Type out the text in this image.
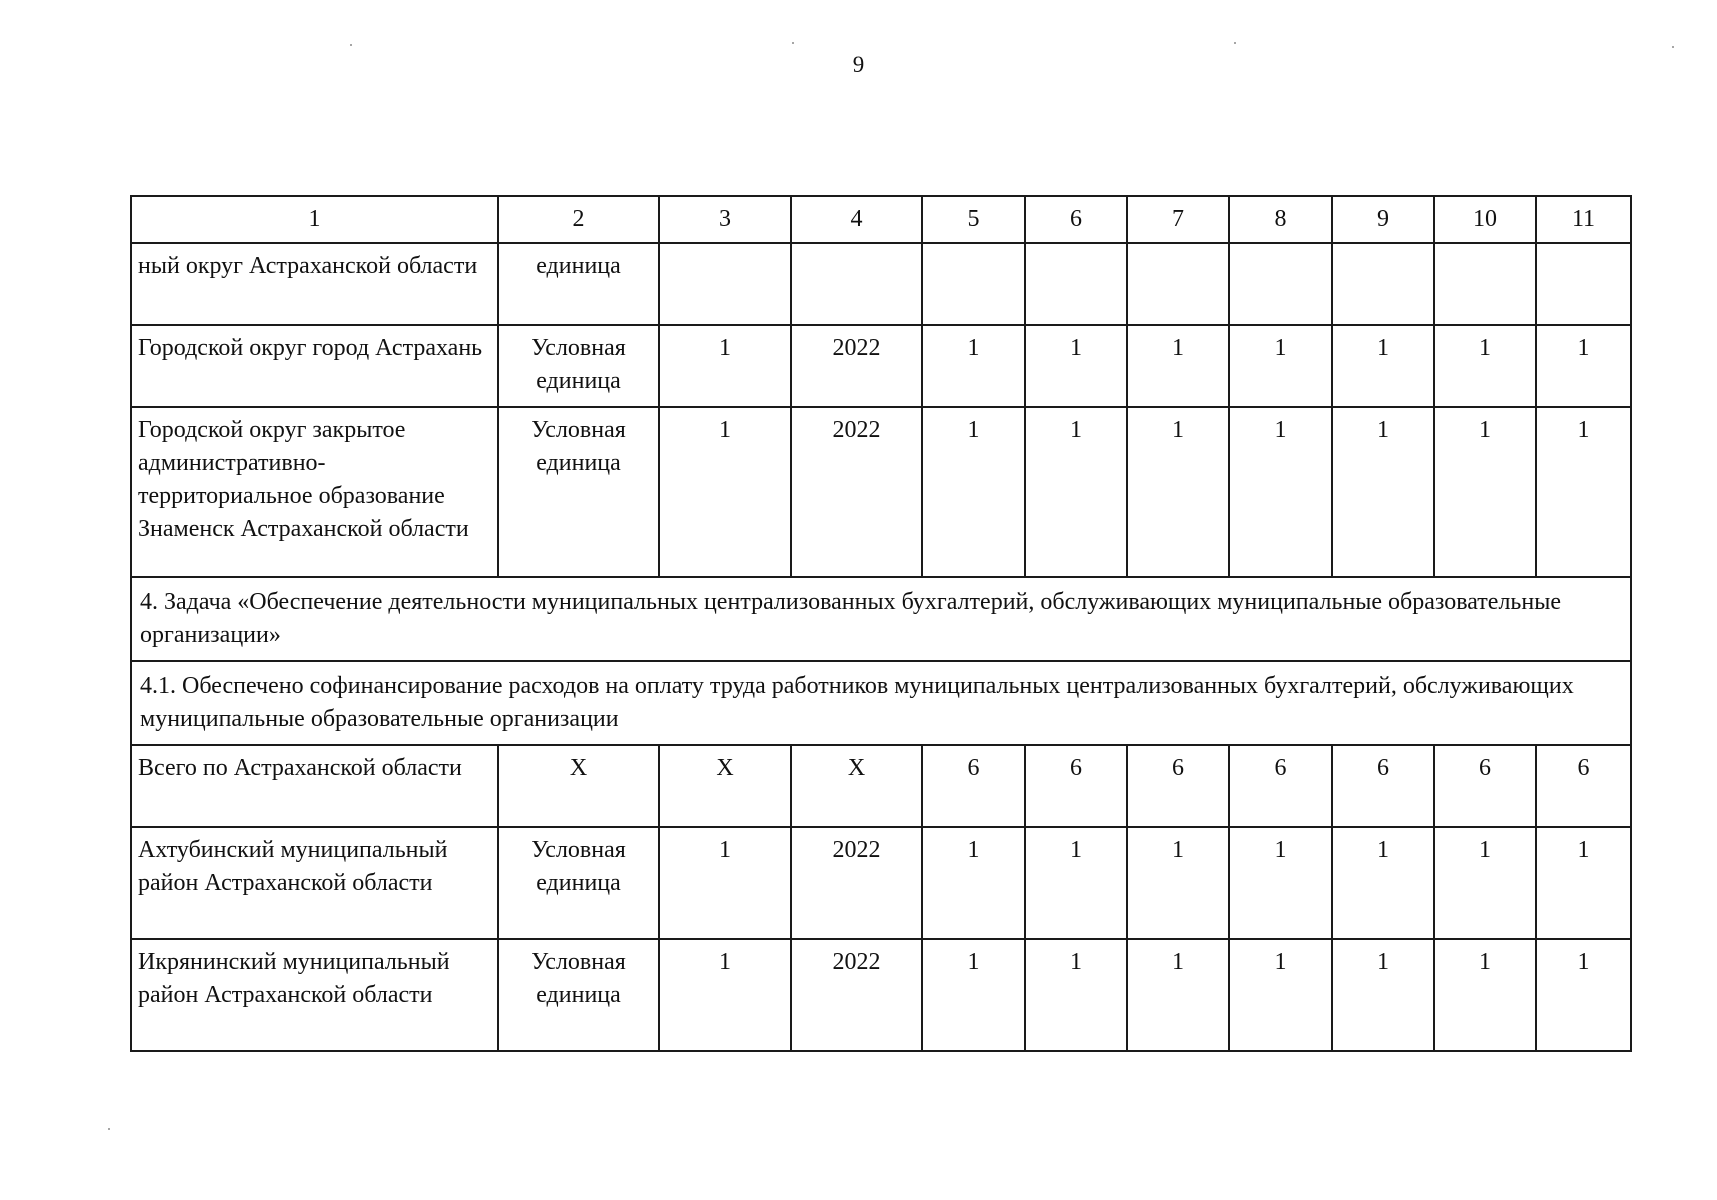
9
1	2	3	4	5	6	7	8	9	10	11
ный округ Астраханской области	единица									
Городской округ город Астрахань	Условная единица	1	2022	1	1	1	1	1	1	1
Городской округ закрытое административно-территориальное образование Знаменск Астраханской области	Условная единица	1	2022	1	1	1	1	1	1	1
4. Задача «Обеспечение деятельности муниципальных централизованных бухгалтерий, обслуживающих муниципальные образовательные организации»										
4.1. Обеспечено софинансирование расходов на оплату труда работников муниципальных централизованных бухгалтерий, обслуживающих муниципальные образовательные организации										
Всего по Астраханской области	Х	Х	Х	6	6	6	6	6	6	6
Ахтубинский муниципальный район Астраханской области	Условная единица	1	2022	1	1	1	1	1	1	1
Икрянинский муниципальный район Астраханской области	Условная единица	1	2022	1	1	1	1	1	1	1
